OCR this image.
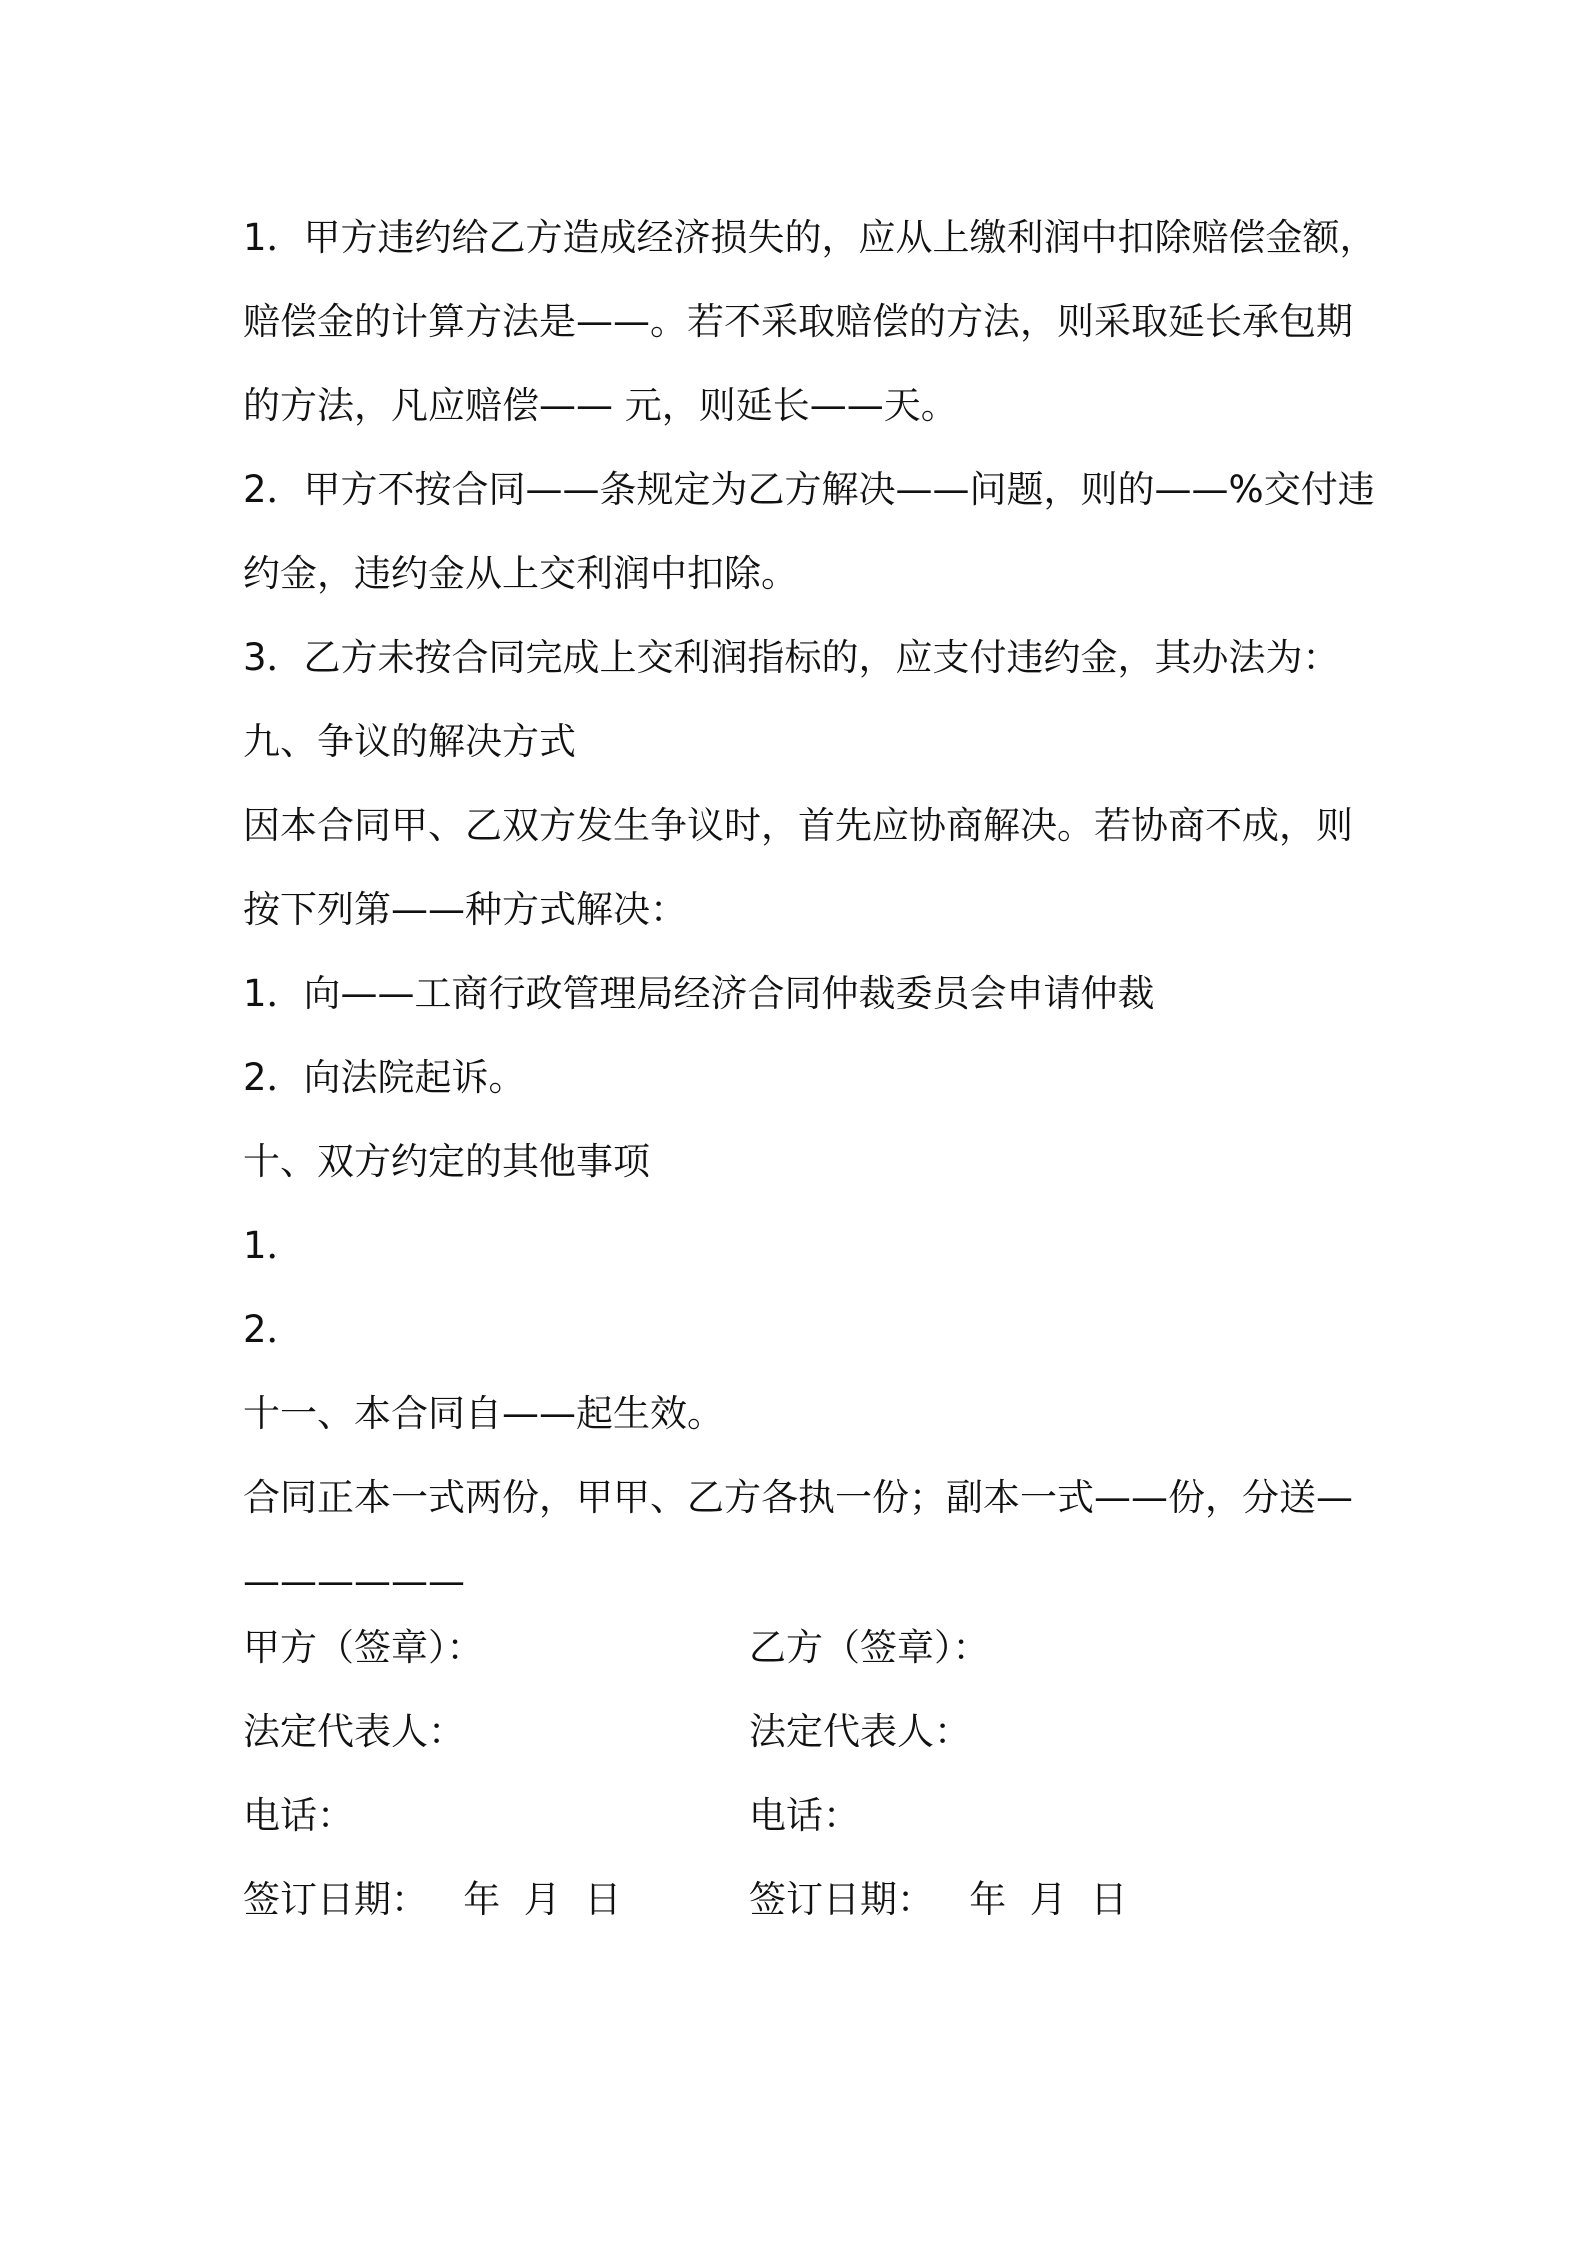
1．甲方违约给乙方造成经济损失的，应从上缴利润中扣除赔偿金额，
赔偿金的计算方法是——。若不采取赔偿的方法，则采取延长承包期
的方法，凡应赔偿—— 元，则延长——天。
2．甲方不按合同——条规定为乙方解决——问题，则的——%交付违
约金，违约金从上交利润中扣除。
3．乙方未按合同完成上交利润指标的，应支付违约金，其办法为：
九、争议的解决方式
因本合同甲、乙双方发生争议时，首先应协商解决。若协商不成，则
按下列第——种方式解决：
1．向——工商行政管理局经济合同仲裁委员会申请仲裁
2．向法院起诉。
十、双方约定的其他事项
1．
2．
十一、本合同自——起生效。
合同正本一式两份，甲甲、乙方各执一份；副本一式——份，分送—
——————
甲方（签章）：	乙方（签章）：
法定代表人：	法定代表人：
电话：	电话：
签订日期：   年  月  日	签订日期：   年  月  日
